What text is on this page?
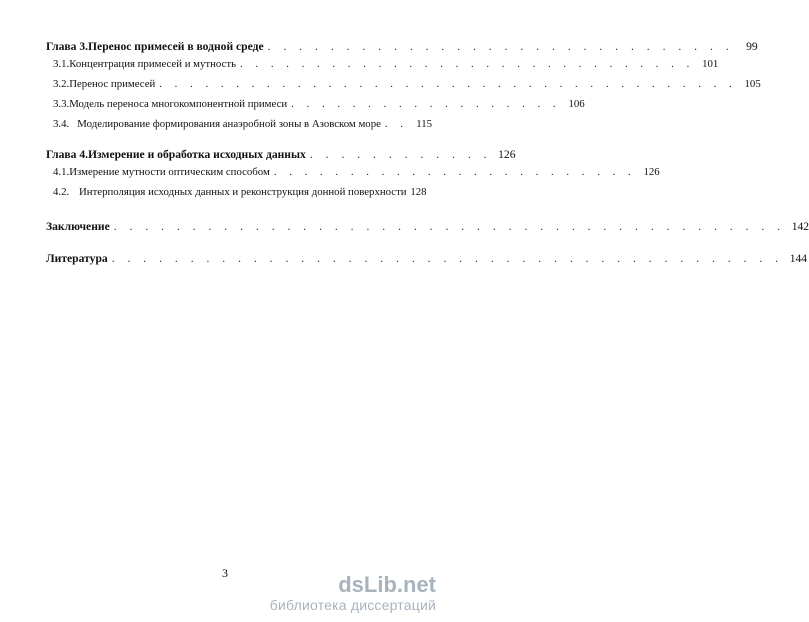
Глава 3. Перенос примесей в водной среде . . . . . . . . . . . . . . . . . . . . . . . . . . . . . .	99
3.1. Концентрация примесей и мутность . . . . . . . . . . . . . . . . . . . . . . . . . . . . . . 101
3.2. Перенос примесей . . . . . . . . . . . . . . . . . . . . . . . . . . . . . . . . . . . . . . 105
3.3. Модель переноса многокомпонентной примеси . . . . . . . . . . . . . . . . . . 106
3.4. Моделирование формирования анаэробной зоны в Азовском море . . 115
Глава 4. Измерение и обработка исходных данных . . . . . . . . . . . . 126
4.1. Измерение мутности оптическим способом . . . . . . . . . . . . . . . . . . . . . . . . 126
4.2. Интерполяция исходных данных и реконструкция донной поверхности 128
Заключение . . . . . . . . . . . . . . . . . . . . . . . . . . . . . . . . . . . . . . . . . . . 142
Литература . . . . . . . . . . . . . . . . . . . . . . . . . . . . . . . . . . . . . . . . . . . 144
3	dsLib.net
библиотека диссертаций
